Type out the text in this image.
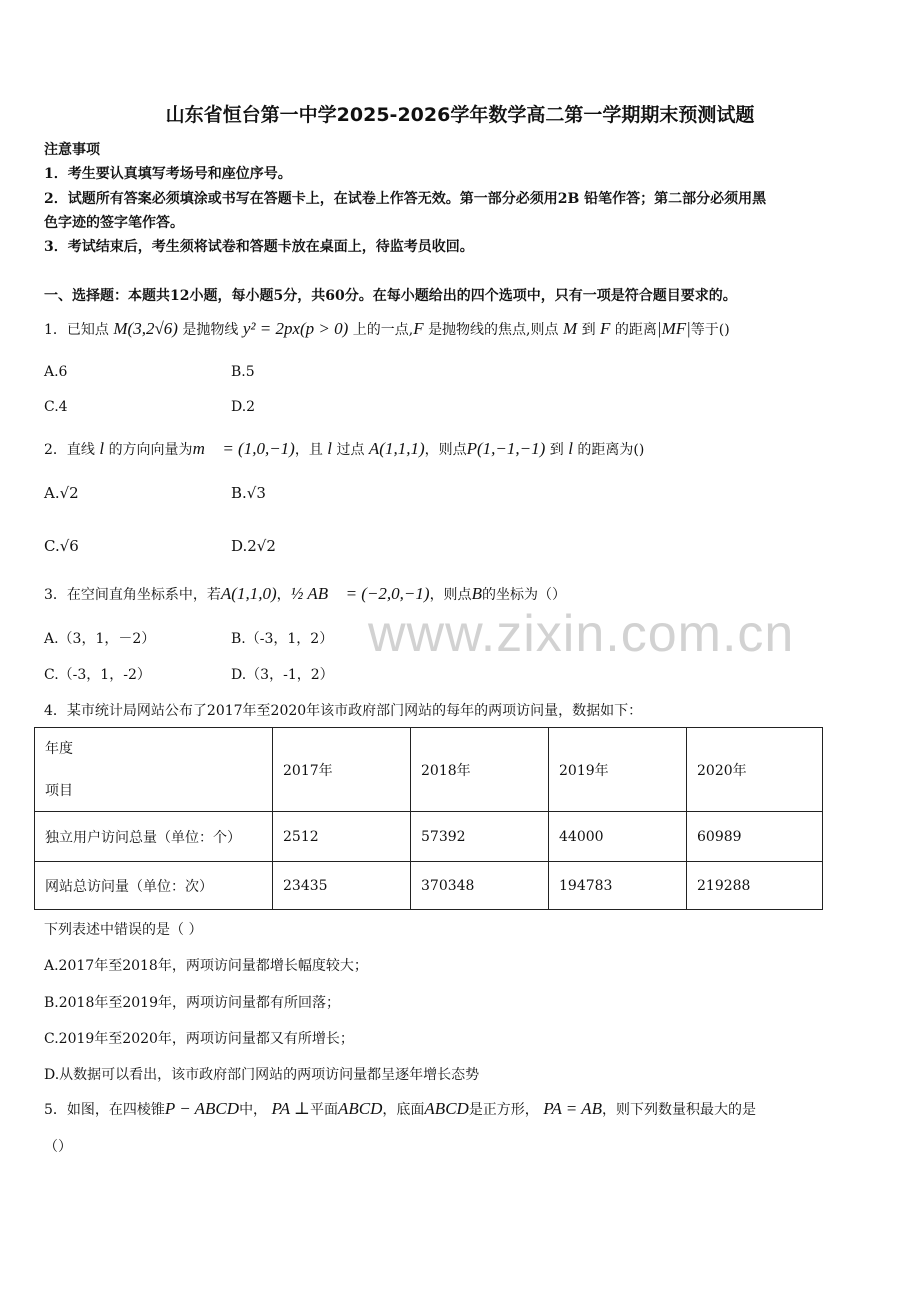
山东省恒台第一中学2025-2026学年数学高二第一学期期末预测试题
注意事项
1．考生要认真填写考场号和座位序号。
2．试题所有答案必须填涂或书写在答题卡上，在试卷上作答无效。第一部分必须用2B 铅笔作答；第二部分必须用黑
色字迹的签字笔作答。
3．考试结束后，考生须将试卷和答题卡放在桌面上，待监考员收回。
一、选择题：本题共12小题，每小题5分，共60分。在每小题给出的四个选项中，只有一项是符合题目要求的。
1．已知点 M(3,2√6) 是抛物线 y² = 2px(p > 0) 上的一点,F 是抛物线的焦点,则点 M 到 F 的距离|MF|等于()
A.6	B.5
C.4	D.2
2．直线 l 的方向向量为m⃗ = (1,0,−1)，且 l 过点 A(1,1,1)，则点P(1,−1,−1) 到 l 的距离为()
A.√2	B.√3
C.√6	D.2√2
3．在空间直角坐标系中，若A(1,1,0)，½ AB⃗ = (−2,0,−1)，则点B的坐标为（）
A.（3，1，－2）	B.（-3，1，2）
C.（-3，1，-2）	D.（3，-1，2）
www.zixin.com.cn
4．某市统计局网站公布了2017年至2020年该市政府部门网站的每年的两项访问量，数据如下：
年度
项目	2017年	2018年	2019年	2020年
独立用户访问总量（单位：个）	2512	57392	44000	60989
网站总访问量（单位：次）	23435	370348	194783	219288
下列表述中错误的是（ ）
A.2017年至2018年，两项访问量都增长幅度较大；
B.2018年至2019年，两项访问量都有所回落；
C.2019年至2020年，两项访问量都又有所增长；
D.从数据可以看出，该市政府部门网站的两项访问量都呈逐年增长态势
5．如图，在四棱锥P − ABCD中， PA ⊥平面ABCD，底面ABCD是正方形， PA = AB，则下列数量积最大的是
（）
